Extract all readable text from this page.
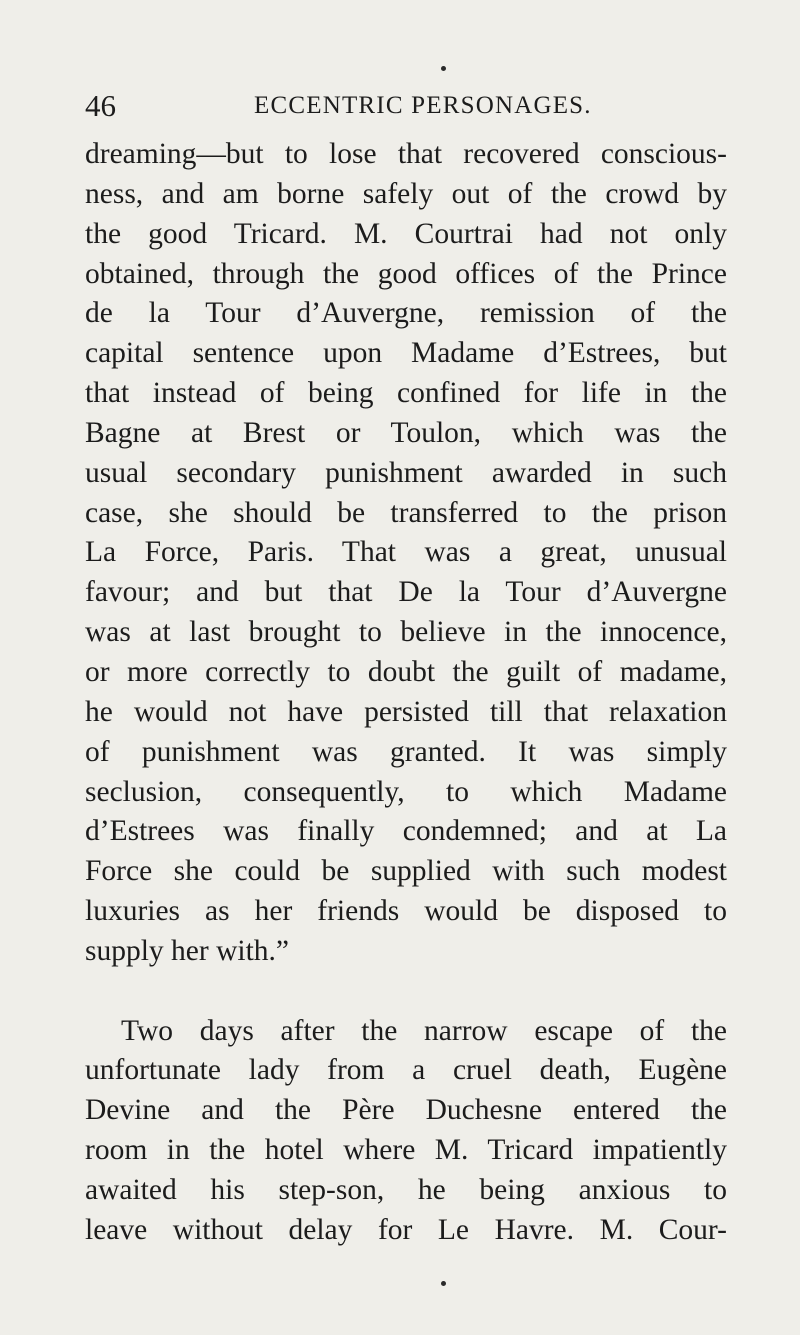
46	ECCENTRIC PERSONAGES.
dreaming—but to lose that recovered conscious-
ness, and am borne safely out of the crowd by
the good Tricard. M. Courtrai had not only
obtained, through the good offices of the Prince
de la Tour d’Auvergne, remission of the
capital sentence upon Madame d’Estrees, but
that instead of being confined for life in the
Bagne at Brest or Toulon, which was the
usual secondary punishment awarded in such
case, she should be transferred to the prison
La Force, Paris. That was a great, unusual
favour; and but that De la Tour d’Auvergne
was at last brought to believe in the innocence,
or more correctly to doubt the guilt of madame,
he would not have persisted till that relaxation
of punishment was granted. It was simply
seclusion, consequently, to which Madame
d’Estrees was finally condemned; and at La
Force she could be supplied with such modest
luxuries as her friends would be disposed to
supply her with.”
Two days after the narrow escape of the
unfortunate lady from a cruel death, Eugène
Devine and the Père Duchesne entered the
room in the hotel where M. Tricard impatiently
awaited his step-son, he being anxious to
leave without delay for Le Havre. M. Cour-
